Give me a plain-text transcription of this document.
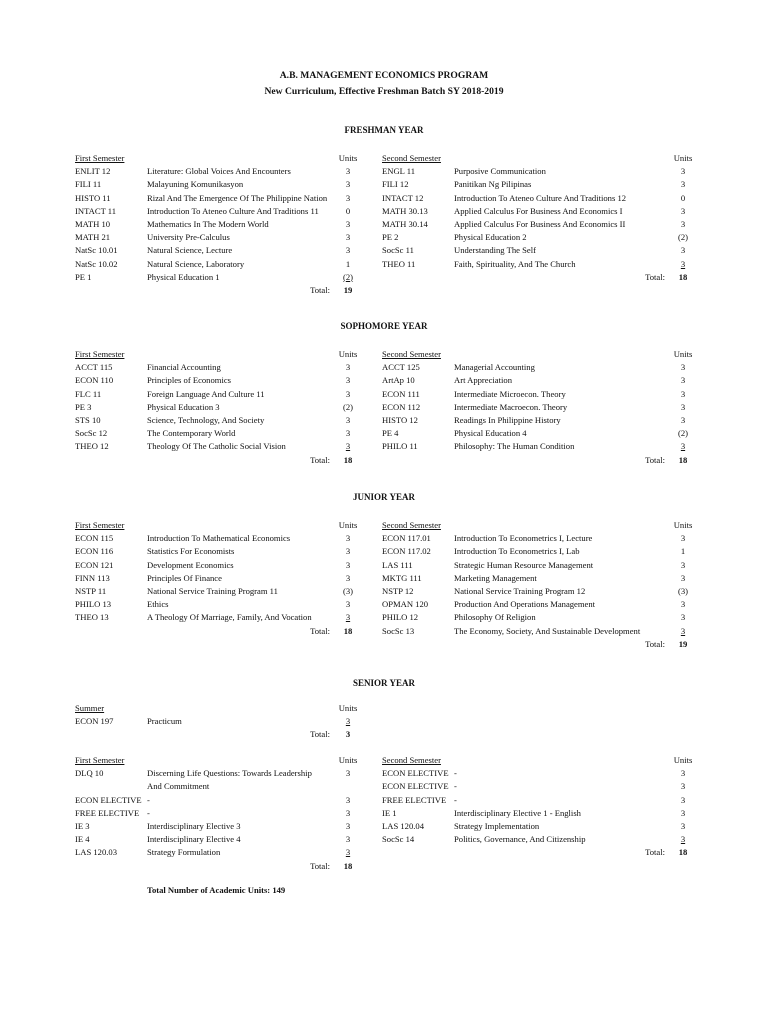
A.B. MANAGEMENT ECONOMICS PROGRAM
New Curriculum, Effective Freshman Batch SY 2018-2019
Total Number of Academic Units: 149
FRESHMAN YEAR
First Semester	Units
ENLIT 12	Literature: Global Voices And Encounters	3
FILI 11	Malayuning Komunikasyon	3
HISTO 11	Rizal And The Emergence Of The Philippine Nation	3
INTACT 11	Introduction To Ateneo Culture And Traditions 11	0
MATH 10	Mathematics In The Modern World	3
MATH 21	University Pre-Calculus	3
NatSc 10.01	Natural Science, Lecture	3
NatSc 10.02	Natural Science, Laboratory	1
PE 1	Physical Education 1	(2)
Total:	19
Second Semester	Units
ENGL 11	Purposive Communication	3
FILI 12	Panitikan Ng Pilipinas	3
INTACT 12	Introduction To Ateneo Culture And Traditions 12	0
MATH 30.13	Applied Calculus For Business And Economics I	3
MATH 30.14	Applied Calculus For Business And Economics II	3
PE 2	Physical Education 2	(2)
SocSc 11	Understanding The Self	3
THEO 11	Faith, Spirituality, And The Church	3
Total:	18
SOPHOMORE YEAR
First Semester	Units
ACCT 115	Financial Accounting	3
ECON 110	Principles of Economics	3
FLC 11	Foreign Language And Culture 11	3
PE 3	Physical Education 3	(2)
STS 10	Science, Technology, And Society	3
SocSc 12	The Contemporary World	3
THEO 12	Theology Of The Catholic Social Vision	3
Total:	18
Second Semester	Units
ACCT 125	Managerial Accounting	3
ArtAp 10	Art Appreciation	3
ECON 111	Intermediate Microecon. Theory	3
ECON 112	Intermediate Macroecon. Theory	3
HISTO 12	Readings In Philippine History	3
PE 4	Physical Education 4	(2)
PHILO 11	Philosophy: The Human Condition	3
Total:	18
JUNIOR YEAR
First Semester	Units
ECON 115	Introduction To Mathematical Economics	3
ECON 116	Statistics For Economists	3
ECON 121	Development Economics	3
FINN 113	Principles Of Finance	3
NSTP 11	National Service Training Program 11	(3)
PHILO 13	Ethics	3
THEO 13	A Theology Of Marriage, Family, And Vocation	3
Total:	18
Second Semester	Units
ECON 117.01	Introduction To Econometrics I, Lecture	3
ECON 117.02	Introduction To Econometrics I, Lab	1
LAS 111	Strategic Human Resource Management	3
MKTG 111	Marketing Management	3
NSTP 12	National Service Training Program 12	(3)
OPMAN 120	Production And Operations Management	3
PHILO 12	Philosophy Of Religion	3
SocSc 13	The Economy, Society, And Sustainable Development	3
Total:	19
SENIOR YEAR
Summer	Units
ECON 197	Practicum	3
Total:	3
First Semester	Units
DLQ 10	Discerning Life Questions: Towards Leadership	3
And Commitment
ECON ELECTIVE -	3
FREE ELECTIVE -	3
IE 3	Interdisciplinary Elective 3	3
IE 4	Interdisciplinary Elective 4	3
LAS 120.03	Strategy Formulation	3
Total:	18
Second Semester	Units
ECON ELECTIVE -	3
ECON ELECTIVE -	3
FREE ELECTIVE -	3
IE 1	Interdisciplinary Elective 1 - English	3
LAS 120.04	Strategy Implementation	3
SocSc 14	Politics, Governance, And Citizenship	3
Total:	18
